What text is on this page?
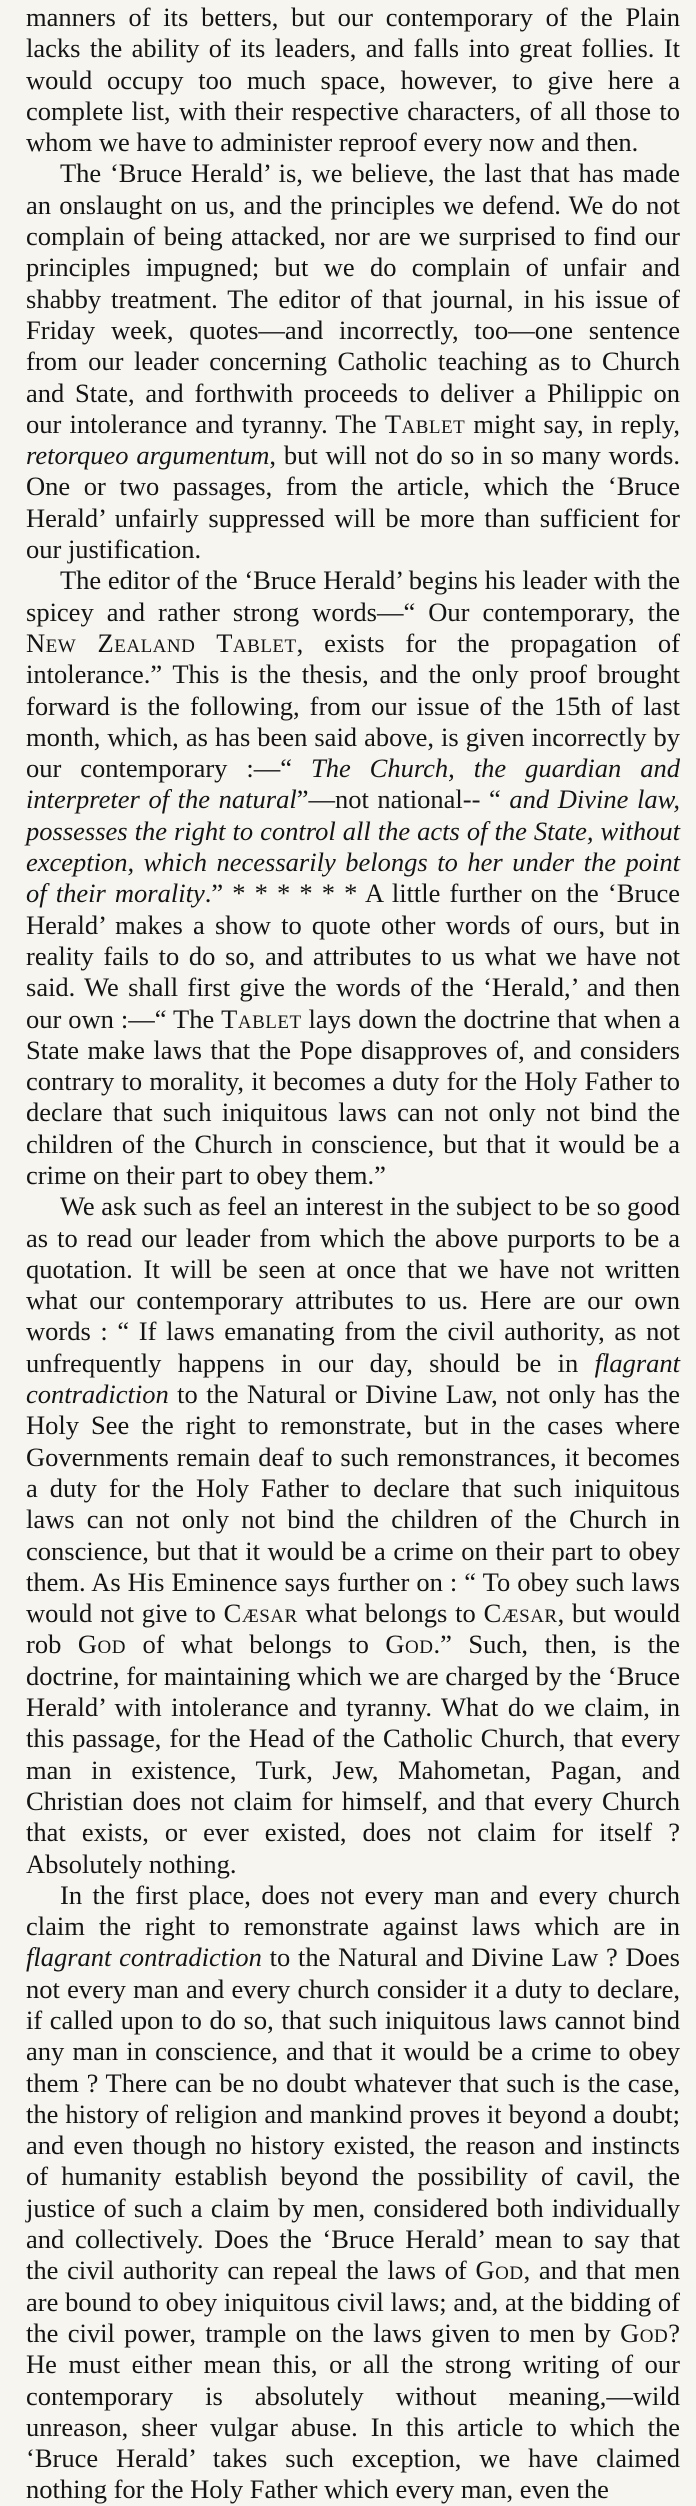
manners of its betters, but our contemporary of the Plain lacks the ability of its leaders, and falls into great follies. It would occupy too much space, however, to give here a complete list, with their respective characters, of all those to whom we have to administer reproof every now and then.

The ‘Bruce Herald’ is, we believe, the last that has made an onslaught on us, and the principles we defend. We do not complain of being attacked, nor are we surprised to find our principles impugned; but we do complain of unfair and shabby treatment. The editor of that journal, in his issue of Friday week, quotes—and incorrectly, too—one sentence from our leader concerning Catholic teaching as to Church and State, and forthwith proceeds to deliver a Philippic on our intolerance and tyranny. The Tablet might say, in reply, retorqueo argumentum, but will not do so in so many words. One or two passages, from the article, which the ‘Bruce Herald’ unfairly suppressed will be more than sufficient for our justification.

The editor of the ‘Bruce Herald’ begins his leader with the spicey and rather strong words—“ Our contemporary, the New Zealand Tablet, exists for the propagation of intolerance.” This is the thesis, and the only proof brought forward is the following, from our issue of the 15th of last month, which, as has been said above, is given incorrectly by our contemporary :—“ The Church, the guardian and interpreter of the natural”—not national-- “ and Divine law, possesses the right to control all the acts of the State, without exception, which necessarily belongs to her under the point of their morality.” * * * * * * A little further on the ‘Bruce Herald’ makes a show to quote other words of ours, but in reality fails to do so, and attributes to us what we have not said. We shall first give the words of the ‘Herald,’ and then our own :—“ The Tablet lays down the doctrine that when a State make laws that the Pope disapproves of, and considers contrary to morality, it becomes a duty for the Holy Father to declare that such iniquitous laws can not only not bind the children of the Church in conscience, but that it would be a crime on their part to obey them.”

We ask such as feel an interest in the subject to be so good as to read our leader from which the above purports to be a quotation. It will be seen at once that we have not written what our contemporary attributes to us. Here are our own words : “ If laws emanating from the civil authority, as not unfrequently happens in our day, should be in flagrant contradiction to the Natural or Divine Law, not only has the Holy See the right to remonstrate, but in the cases where Governments remain deaf to such remonstrances, it becomes a duty for the Holy Father to declare that such iniquitous laws can not only not bind the children of the Church in conscience, but that it would be a crime on their part to obey them. As His Eminence says further on : “ To obey such laws would not give to Cæsar what belongs to Cæsar, but would rob God of what belongs to God.” Such, then, is the doctrine, for maintaining which we are charged by the ‘Bruce Herald’ with intolerance and tyranny. What do we claim, in this passage, for the Head of the Catholic Church, that every man in existence, Turk, Jew, Mahometan, Pagan, and Christian does not claim for himself, and that every Church that exists, or ever existed, does not claim for itself ? Absolutely nothing.

In the first place, does not every man and every church claim the right to remonstrate against laws which are in flagrant contradiction to the Natural and Divine Law ? Does not every man and every church consider it a duty to declare, if called upon to do so, that such iniquitous laws cannot bind any man in conscience, and that it would be a crime to obey them ? There can be no doubt whatever that such is the case, the history of religion and mankind proves it beyond a doubt; and even though no history existed, the reason and instincts of humanity establish beyond the possibility of cavil, the justice of such a claim by men, considered both individually and collectively. Does the ‘Bruce Herald’ mean to say that the civil authority can repeal the laws of God, and that men are bound to obey iniquitous civil laws; and, at the bidding of the civil power, trample on the laws given to men by God? He must either mean this, or all the strong writing of our contemporary is absolutely without meaning,—wild unreason, sheer vulgar abuse. In this article to which the ‘Bruce Herald’ takes such exception, we have claimed nothing for the Holy Father which every man, even the
